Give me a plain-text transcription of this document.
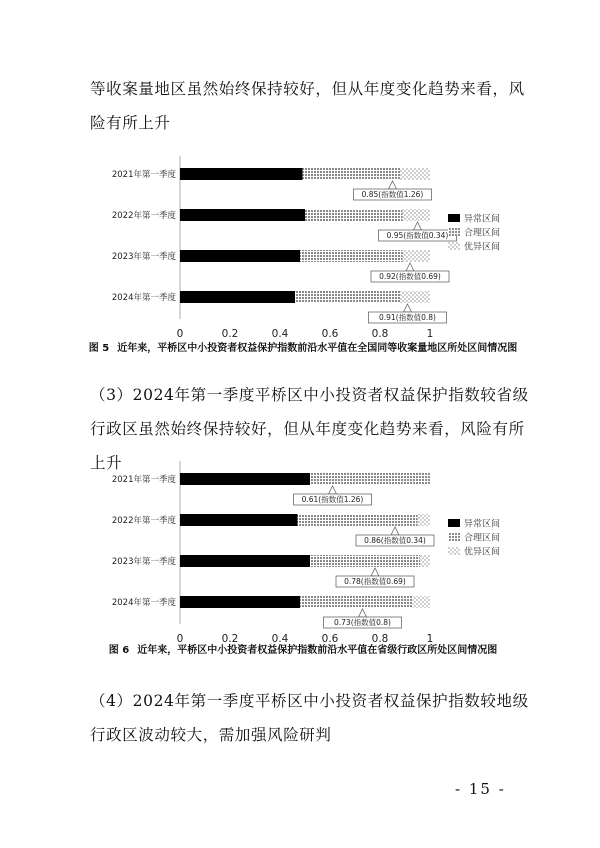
等收案量地区虽然始终保持较好，但从年度变化趋势来看，风险有所上升

2021年第一季度
0.85(指数值1.26)
2022年第一季度
0.95(指数值0.34)
2023年第一季度
0.92(指数值0.69)
2024年第一季度
0.91(指数值0.8)
0	0.2	0.4	0.6	0.8	1
异常区间
合理区间
优异区间
图 5 近年来，平桥区中小投资者权益保护指数前沿水平值在全国同等收案量地区所处区间情况图

（3）2024年第一季度平桥区中小投资者权益保护指数较省级行政区虽然始终保持较好，但从年度变化趋势来看，风险有所上升

2021年第一季度
0.61(指数值1.26)
2022年第一季度
0.86(指数值0.34)
2023年第一季度
0.78(指数值0.69)
2024年第一季度
0.73(指数值0.8)
0	0.2	0.4	0.6	0.8	1
异常区间
合理区间
优异区间
图 6 近年来，平桥区中小投资者权益保护指数前沿水平值在省级行政区所处区间情况图

（4）2024年第一季度平桥区中小投资者权益保护指数较地级行政区波动较大，需加强风险研判

- 15 -
